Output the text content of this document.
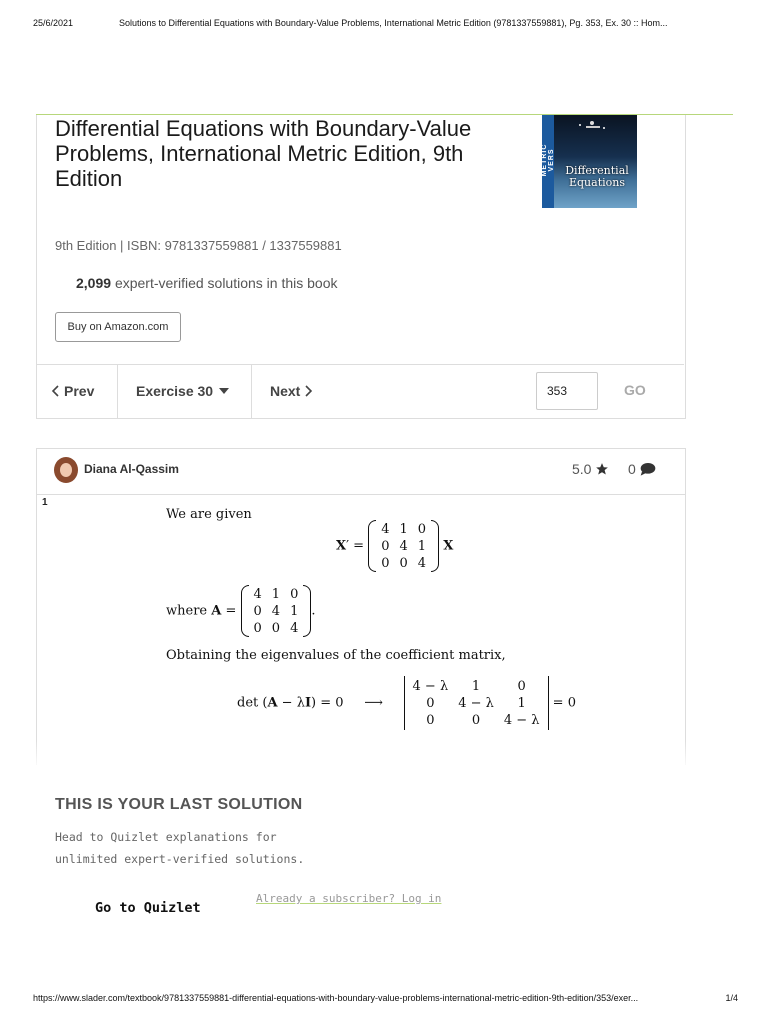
25/6/2021	Solutions to Differential Equations with Boundary-Value Problems, International Metric Edition (9781337559881), Pg. 353, Ex. 30 :: Hom...
Differential Equations with Boundary-Value Problems, International Metric Edition, 9th Edition
METRIC VERS Differential Equations
9th Edition | ISBN: 9781337559881 / 1337559881
2,099 expert-verified solutions in this book
Buy on Amazon.com
Prev	Exercise 30	Next
353	GO
Diana Al-Qassim	5.0	0
1
We are given
X′ = 4	1	0
0	4	1
0	0	4 X
where A = 4	1	0
0	4	1
0	0	4.
Obtaining the eigenvalues of the coefficient matrix,
det (A − λI) = 0     ⟶     4 − λ	1	0
0	4 − λ	1
0	0	4 − λ = 0
THIS IS YOUR LAST SOLUTION
Head to Quizlet explanations for
unlimited expert-verified solutions.
Go to Quizlet
Already a subscriber? Log in
https://www.slader.com/textbook/9781337559881-differential-equations-with-boundary-value-problems-international-metric-edition-9th-edition/353/exer...	1/4
